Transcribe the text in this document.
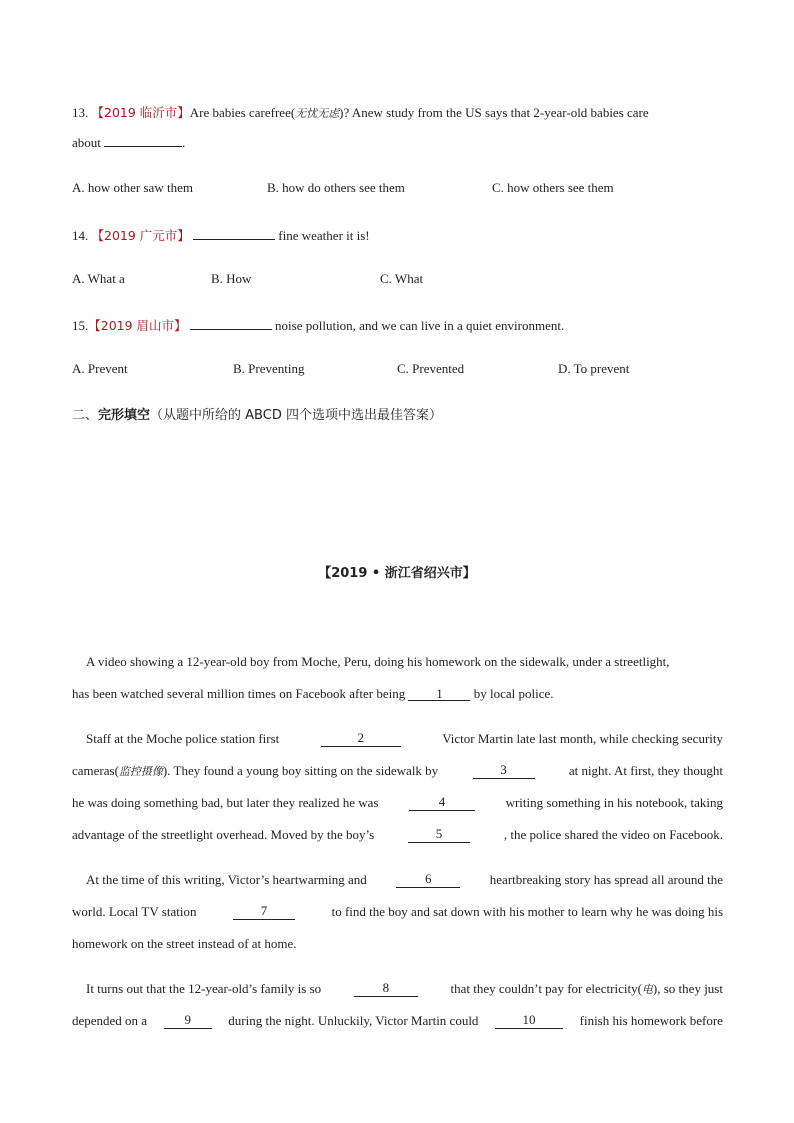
13. 【2019 临沂市】Are babies carefree(无忧无虑)? Anew study from the US says that 2-year-old babies care
about	.
A. how other saw them	B. how do others see them	C. how others see them
14. 【2019 广元市】	fine weather it is!
A. What a	B. How	C. What
15.【2019 眉山市】	noise pollution, and we can live in a quiet environment.
A. Prevent	B. Preventing	C. Prevented	D. To prevent
二、完形填空（从题中所给的 ABCD 四个选项中选出最佳答案）
【2019 • 浙江省绍兴市】
A video showing a 12-year-old boy from Moche, Peru, doing his homework on the sidewalk, under a streetlight,
has been watched several million times on Facebook after being 1 by local police.
Staff at the Moche police station first	2	Victor Martin late last month, while checking security
cameras(监控摄像). They found a young boy sitting on the sidewalk by	3	at night. At first, they thought
he was doing something bad, but later they realized he was	4	writing something in his notebook, taking
advantage of the streetlight overhead. Moved by the boy’s	5	, the police shared the video on Facebook.
At the time of this writing, Victor’s heartwarming and	6	heartbreaking story has spread all around the
world. Local TV station	7	to find the boy and sat down with his mother to learn why he was doing his
homework on the street instead of at home.
It turns out that the 12-year-old’s family is so	8	that they couldn’t pay for electricity(电), so they just
depended on a	9	during the night. Unluckily, Victor Martin could	10	finish his homework before
